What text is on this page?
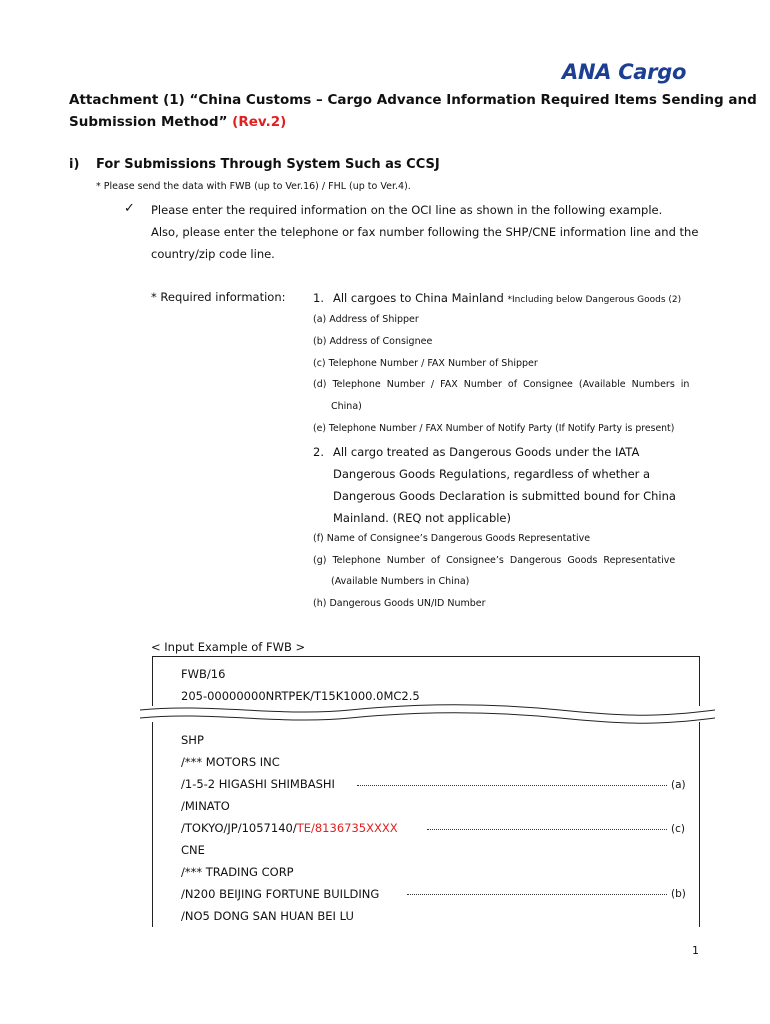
ANA Cargo
Attachment (1) “China Customs – Cargo Advance Information Required Items Sending and
Submission Method” (Rev.2)
i) For Submissions Through System Such as CCSJ
* Please send the data with FWB (up to Ver.16) / FHL (up to Ver.4).
✓ Please enter the required information on the OCI line as shown in the following example.
Also, please enter the telephone or fax number following the SHP/CNE information line and the
country/zip code line.
* Required information: 1. All cargoes to China Mainland *Including below Dangerous Goods (2)
(a) Address of Shipper
(b) Address of Consignee
(c) Telephone Number / FAX Number of Shipper
(d) Telephone Number / FAX Number of Consignee (Available Numbers in
China)
(e) Telephone Number / FAX Number of Notify Party (If Notify Party is present)
2. All cargo treated as Dangerous Goods under the IATA
Dangerous Goods Regulations, regardless of whether a
Dangerous Goods Declaration is submitted bound for China
Mainland. (REQ not applicable)
(f) Name of Consignee’s Dangerous Goods Representative
(g) Telephone Number of Consignee’s Dangerous Goods Representative
(Available Numbers in China)
(h) Dangerous Goods UN/ID Number
< Input Example of FWB >
FWB/16
205-00000000NRTPEK/T15K1000.0MC2.5
SHP
/*** MOTORS INC
/1-5-2 HIGASHI SHIMBASHI	(a)
/MINATO
/TOKYO/JP/1057140/TE/8136735XXXX	(c)
CNE
/*** TRADING CORP
/N200 BEIJING FORTUNE BUILDING	(b)
/NO5 DONG SAN HUAN BEI LU
1
